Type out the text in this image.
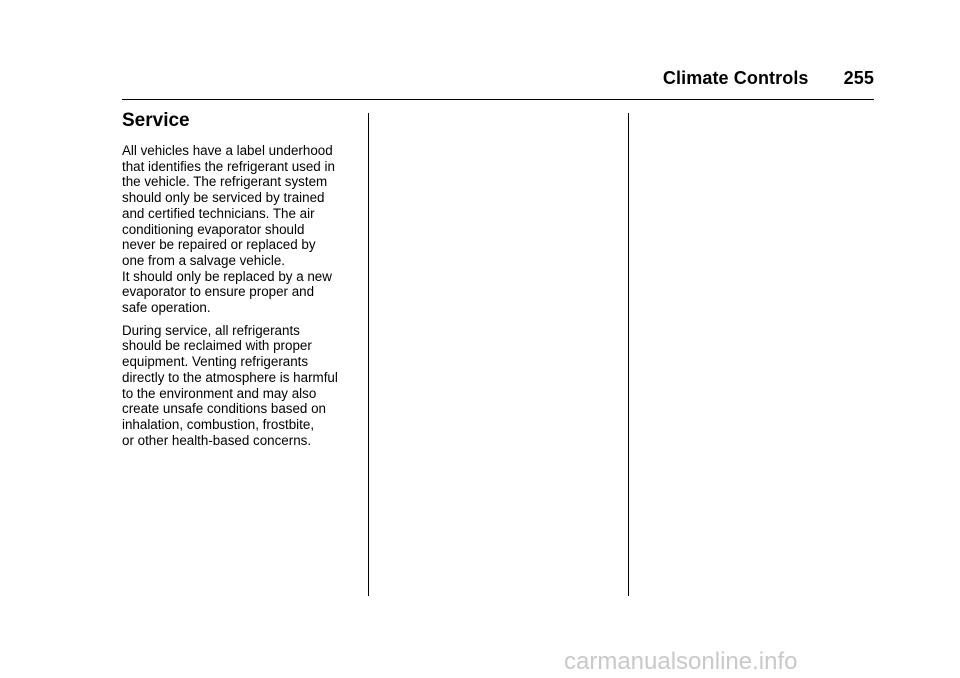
Climate Controls 255
Service

All vehicles have a label underhood
that identifies the refrigerant used in
the vehicle. The refrigerant system
should only be serviced by trained
and certified technicians. The air
conditioning evaporator should
never be repaired or replaced by
one from a salvage vehicle.
It should only be replaced by a new
evaporator to ensure proper and
safe operation.

During service, all refrigerants
should be reclaimed with proper
equipment. Venting refrigerants
directly to the atmosphere is harmful
to the environment and may also
create unsafe conditions based on
inhalation, combustion, frostbite,
or other health-based concerns.

carmanualsonline.info
